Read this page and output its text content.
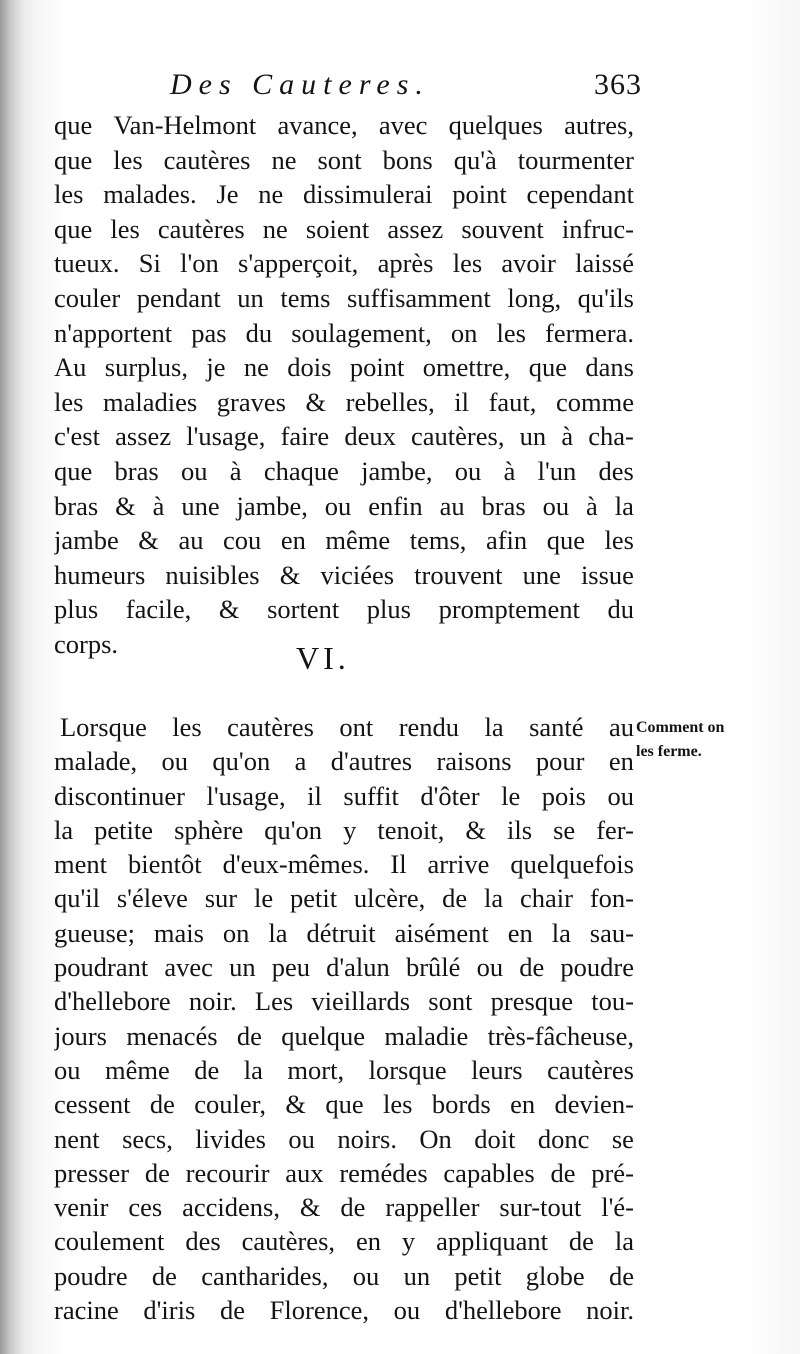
Des Cauteres.	363
que Van-Helmont avance, avec quelques autres,
que les cautères ne sont bons qu'à tourmenter
les malades. Je ne dissimulerai point cependant
que les cautères ne soient assez souvent infruc-
tueux. Si l'on s'apperçoit, après les avoir laissé
couler pendant un tems suffisamment long, qu'ils
n'apportent pas du soulagement, on les fermera.
Au surplus, je ne dois point omettre, que dans
les maladies graves & rebelles, il faut, comme
c'est assez l'usage, faire deux cautères, un à cha-
que bras ou à chaque jambe, ou à l'un des
bras & à une jambe, ou enfin au bras ou à la
jambe & au cou en même tems, afin que les
humeurs nuisibles & viciées trouvent une issue
plus facile, & sortent plus promptement du
corps.	VI.
Lorsque les cautères ont rendu la santé au
malade, ou qu'on a d'autres raisons pour en
discontinuer l'usage, il suffit d'ôter le pois ou
la petite sphère qu'on y tenoit, & ils se fer-
ment bientôt d'eux-mêmes. Il arrive quelquefois
qu'il s'éleve sur le petit ulcère, de la chair fon-
gueuse; mais on la détruit aisément en la sau-
poudrant avec un peu d'alun brûlé ou de poudre
d'hellebore noir. Les vieillards sont presque tou-
jours menacés de quelque maladie très-fâcheuse,
ou même de la mort, lorsque leurs cautères
cessent de couler, & que les bords en devien-
nent secs, livides ou noirs. On doit donc se
presser de recourir aux remédes capables de pré-
venir ces accidens, & de rappeller sur-tout l'é-
coulement des cautères, en y appliquant de la
poudre de cantharides, ou un petit globe de
racine d'iris de Florence, ou d'hellebore noir.
Comment on
les ferme.
